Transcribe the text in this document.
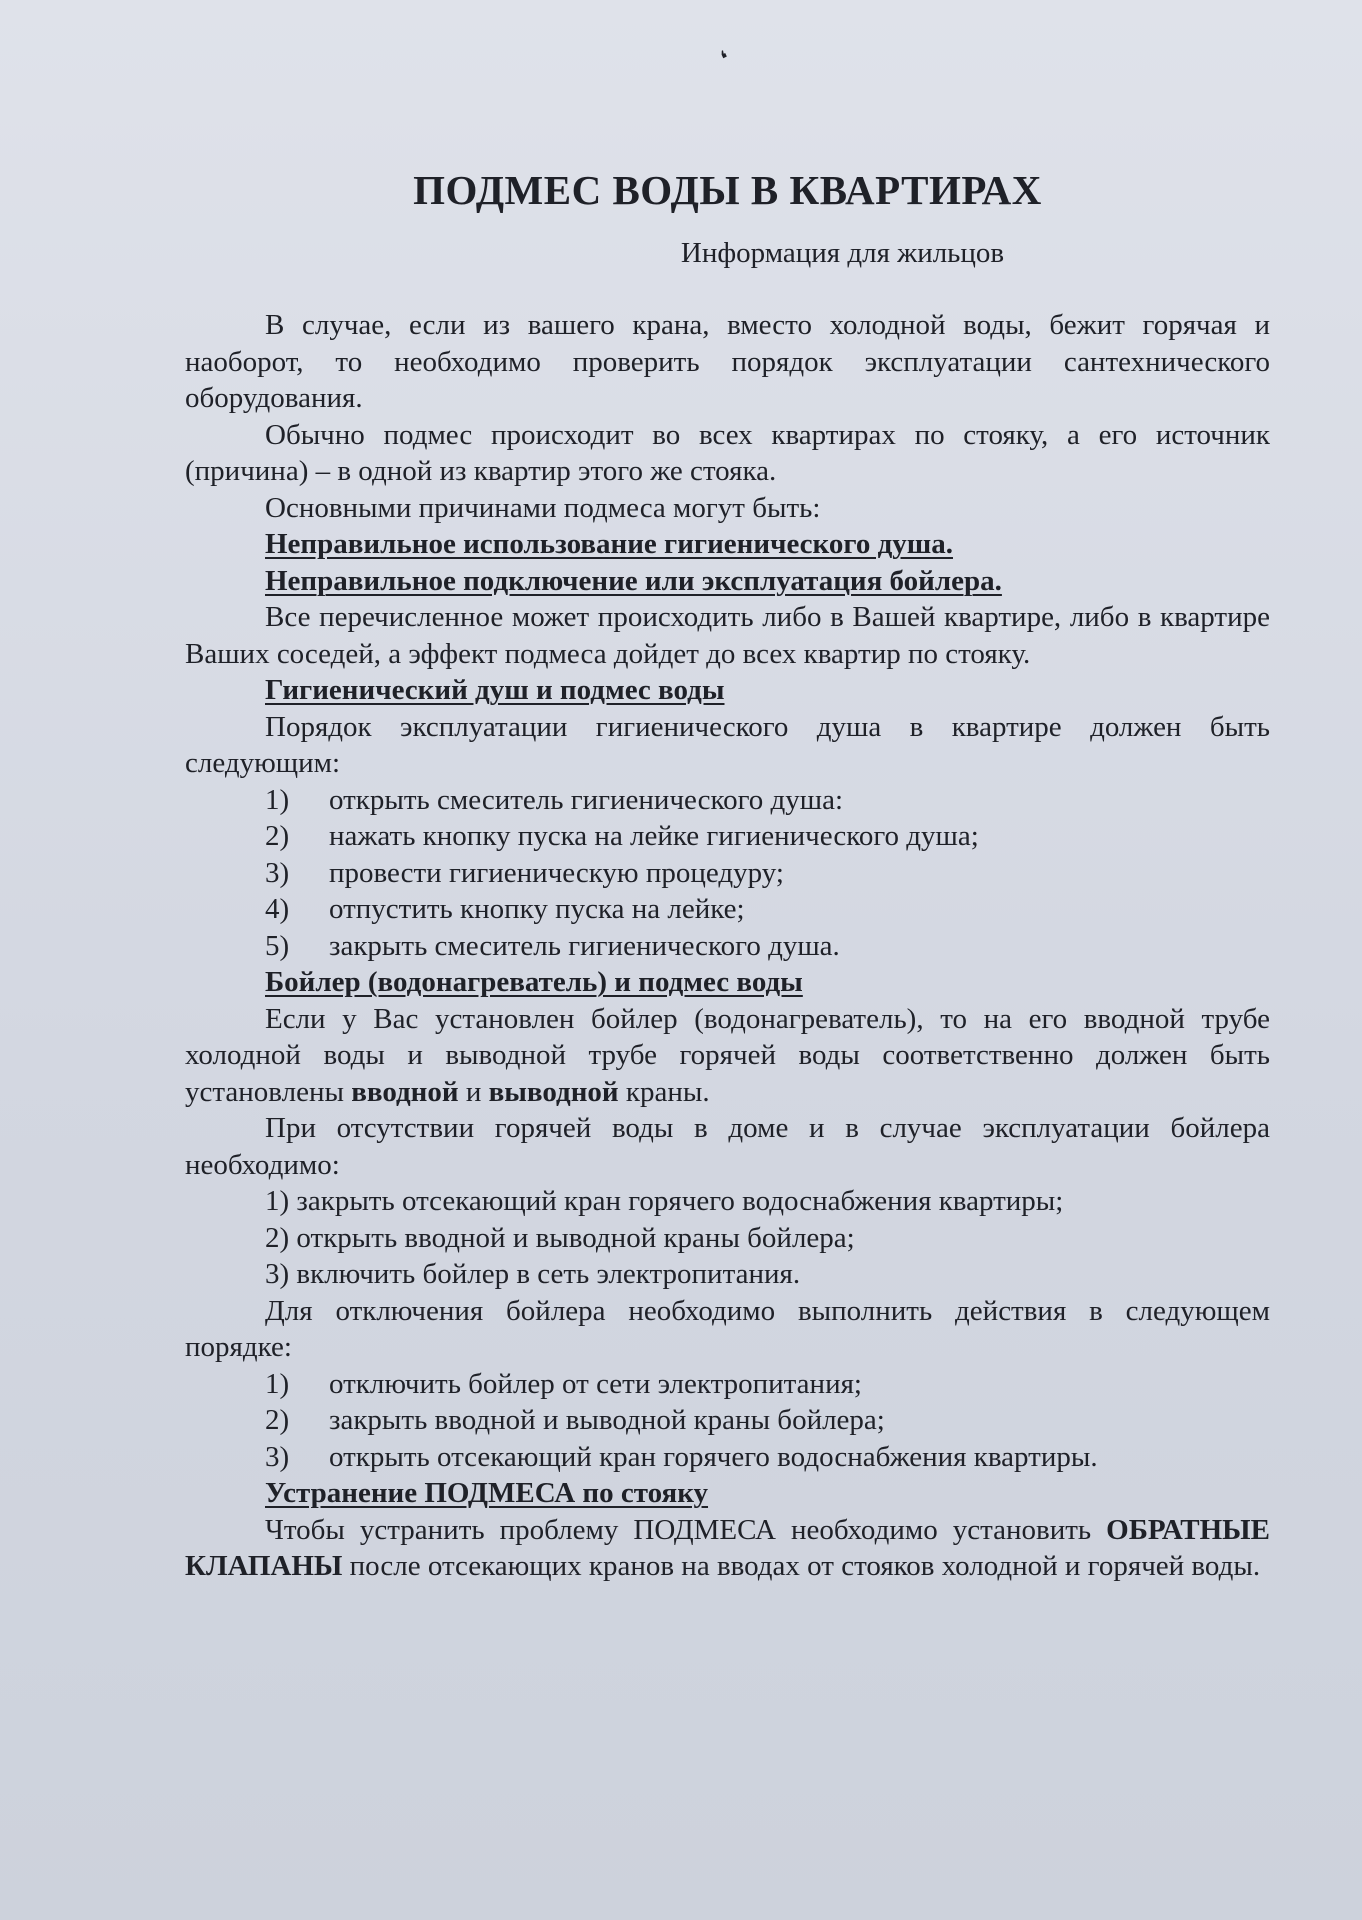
❛
ПОДМЕС ВОДЫ В КВАРТИРАХ
Информация для жильцов

В случае, если из вашего крана, вместо холодной воды, бежит горячая и наоборот, то необходимо проверить порядок эксплуатации сантехнического оборудования.

Обычно подмес происходит во всех квартирах по стояку, а его источник (причина) – в одной из квартир этого же стояка.

Основными причинами подмеса могут быть:

Неправильное использование гигиенического душа.
Неправильное подключение или эксплуатация бойлера.

Все перечисленное может происходить либо в Вашей квартире, либо в квартире Ваших соседей, а эффект подмеса дойдет до всех квартир по стояку.

Гигиенический душ и подмес воды

Порядок эксплуатации гигиенического душа в квартире должен быть следующим:

1)	открыть смеситель гигиенического душа:
2)	нажать кнопку пуска на лейке гигиенического душа;
3)	провести гигиеническую процедуру;
4)	отпустить кнопку пуска на лейке;
5)	закрыть смеситель гигиенического душа.
Бойлер (водонагреватель) и подмес воды

Если у Вас установлен бойлер (водонагреватель), то на его вводной трубе холодной воды и выводной трубе горячей воды соответственно должен быть установлены вводной и выводной краны.

При отсутствии горячей воды в доме и в случае эксплуатации бойлера необходимо:

1) закрыть отсекающий кран горячего водоснабжения квартиры;
2) открыть вводной и выводной краны бойлера;
3) включить бойлер в сеть электропитания.

Для отключения бойлера необходимо выполнить действия в следующем порядке:

1)	отключить бойлер от сети электропитания;
2)	закрыть вводной и выводной краны бойлера;
3)	открыть отсекающий кран горячего водоснабжения квартиры.
Устранение ПОДМЕСА по стояку

Чтобы устранить проблему ПОДМЕСА необходимо установить ОБРАТНЫЕ КЛАПАНЫ после отсекающих кранов на вводах от стояков холодной и горячей воды.
